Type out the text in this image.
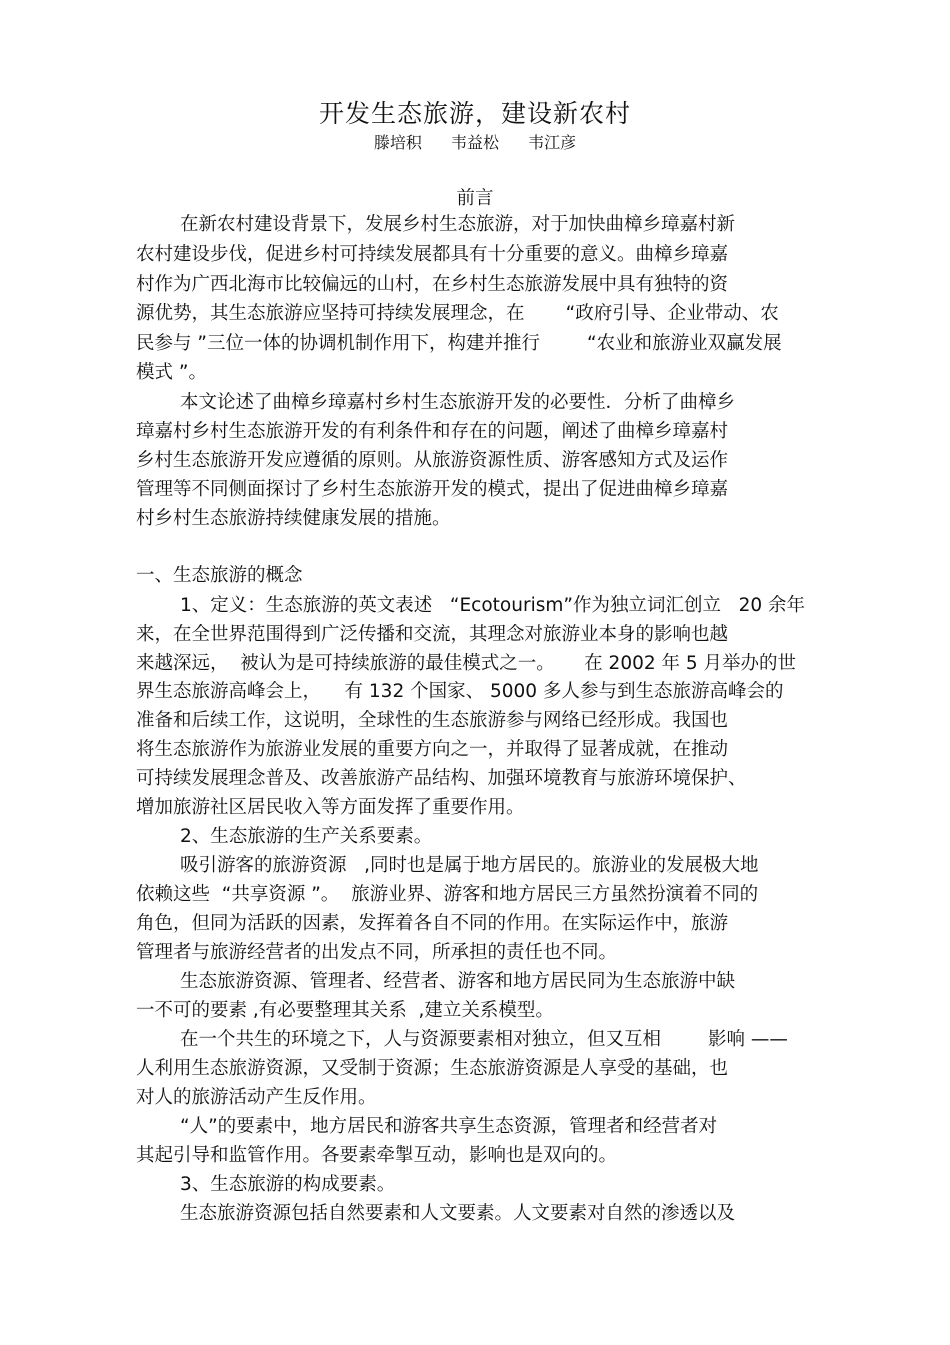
开发生态旅游，建设新农村
滕培积 韦益松 韦江彦
前言
在新农村建设背景下，发展乡村生态旅游，对于加快曲樟乡璋嘉村新
农村建设步伐，促进乡村可持续发展都具有十分重要的意义。曲樟乡璋嘉
村作为广西北海市比较偏远的山村，在乡村生态旅游发展中具有独特的资
源优势，其生态旅游应坚持可持续发展理念，在       “政府引导、企业带动、农
民参与 ”三位一体的协调机制作用下，构建并推行        “农业和旅游业双赢发展
模式 ”。
本文论述了曲樟乡璋嘉村乡村生态旅游开发的必要性．分析了曲樟乡
璋嘉村乡村生态旅游开发的有利条件和存在的问题，阐述了曲樟乡璋嘉村
乡村生态旅游开发应遵循的原则。从旅游资源性质、游客感知方式及运作
管理等不同侧面探讨了乡村生态旅游开发的模式，提出了促进曲樟乡璋嘉
村乡村生态旅游持续健康发展的措施。
一、生态旅游的概念
1、定义：生态旅游的英文表述   “Ecotourism”作为独立词汇创立   20 余年
来，在全世界范围得到广泛传播和交流，其理念对旅游业本身的影响也越
来越深远，  被认为是可持续旅游的最佳模式之一。     在 2002 年 5 月举办的世
界生态旅游高峰会上，    有 132 个国家、 5000 多人参与到生态旅游高峰会的
准备和后续工作，这说明，全球性的生态旅游参与网络已经形成。我国也
将生态旅游作为旅游业发展的重要方向之一，并取得了显著成就，在推动
可持续发展理念普及、改善旅游产品结构、加强环境教育与旅游环境保护、
增加旅游社区居民收入等方面发挥了重要作用。
2、生态旅游的生产关系要素。
吸引游客的旅游资源   ,同时也是属于地方居民的。旅游业的发展极大地
依赖这些  “共享资源 ”。  旅游业界、游客和地方居民三方虽然扮演着不同的
角色，但同为活跃的因素，发挥着各自不同的作用。在实际运作中，旅游
管理者与旅游经营者的出发点不同，所承担的责任也不同。
生态旅游资源、管理者、经营者、游客和地方居民同为生态旅游中缺
一不可的要素 ,有必要整理其关系  ,建立关系模型。
在一个共生的环境之下，人与资源要素相对独立，但又互相        影响 ——
人利用生态旅游资源，又受制于资源；生态旅游资源是人享受的基础，也
对人的旅游活动产生反作用。
“人”的要素中，地方居民和游客共享生态资源，管理者和经营者对
其起引导和监管作用。各要素牵掣互动，影响也是双向的。
3、生态旅游的构成要素。
生态旅游资源包括自然要素和人文要素。人文要素对自然的渗透以及
